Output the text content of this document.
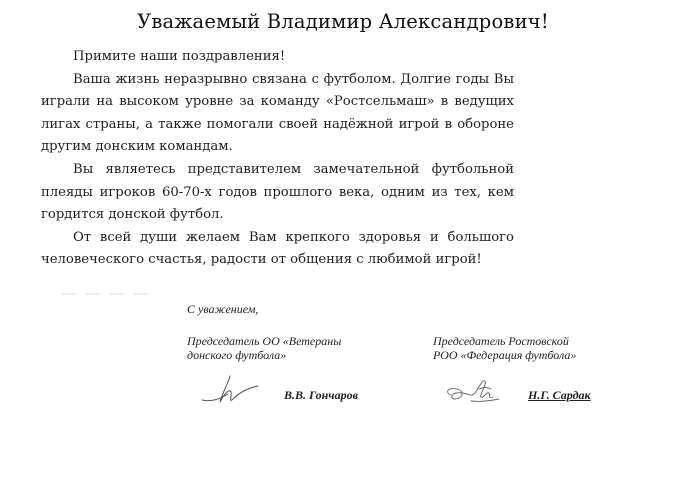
Уважаемый Владимир Александрович!

Примите наши поздравления!

Ваша жизнь неразрывно связана с футболом. Долгие годы Вы играли на высоком уровне за команду «Ростсельмаш» в ведущих лигах страны, а также помогали своей надёжной игрой в обороне другим донским командам.

Вы являетесь представителем замечательной футбольной плеяды игроков 60-70-х годов прошлого века, одним из тех, кем гордится донской футбол.

От всей души желаем Вам крепкого здоровья и большого человеческого счастья, радости от общения с любимой игрой!

С уважением,
Председатель ОО «Ветераны
донского футбола»
Председатель Ростовской
РОО «Федерация футбола»
В.В. Гончаров	Н.Г. Сардак
